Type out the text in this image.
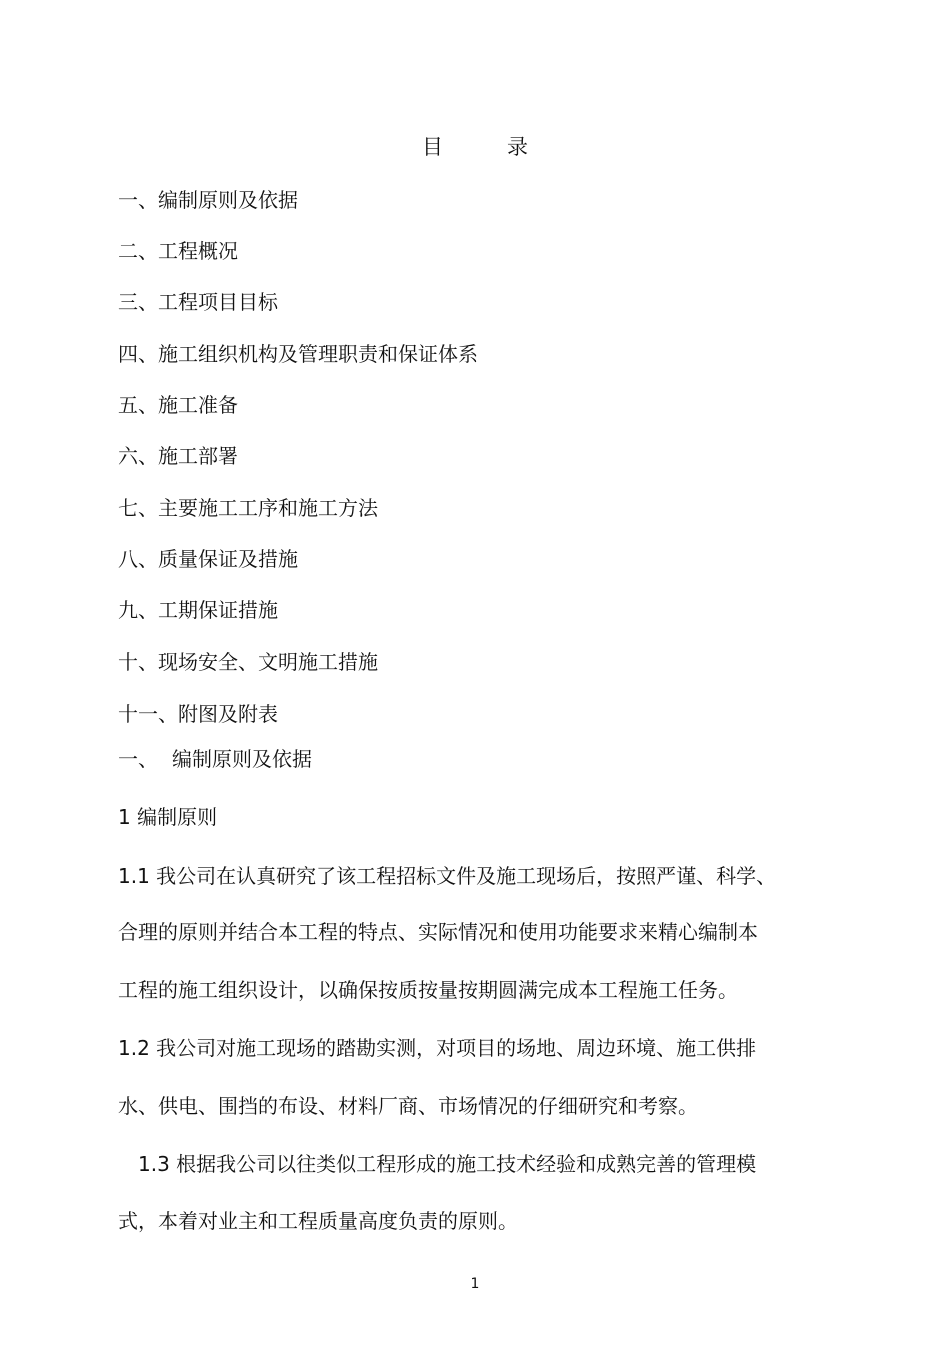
目	录
一、编制原则及依据
二、工程概况
三、工程项目目标
四、施工组织机构及管理职责和保证体系
五、施工准备
六、施工部署
七、主要施工工序和施工方法
八、质量保证及措施
九、工期保证措施
十、现场安全、文明施工措施
十一、附图及附表
一、 编制原则及依据
1 编制原则
1.1 我公司在认真研究了该工程招标文件及施工现场后，按照严谨、科学、
合理的原则并结合本工程的特点、实际情况和使用功能要求来精心编制本
工程的施工组织设计，以确保按质按量按期圆满完成本工程施工任务。
1.2 我公司对施工现场的踏勘实测，对项目的场地、周边环境、施工供排
水、供电、围挡的布设、材料厂商、市场情况的仔细研究和考察。
1.3 根据我公司以往类似工程形成的施工技术经验和成熟完善的管理模
式，本着对业主和工程质量高度负责的原则。
1
